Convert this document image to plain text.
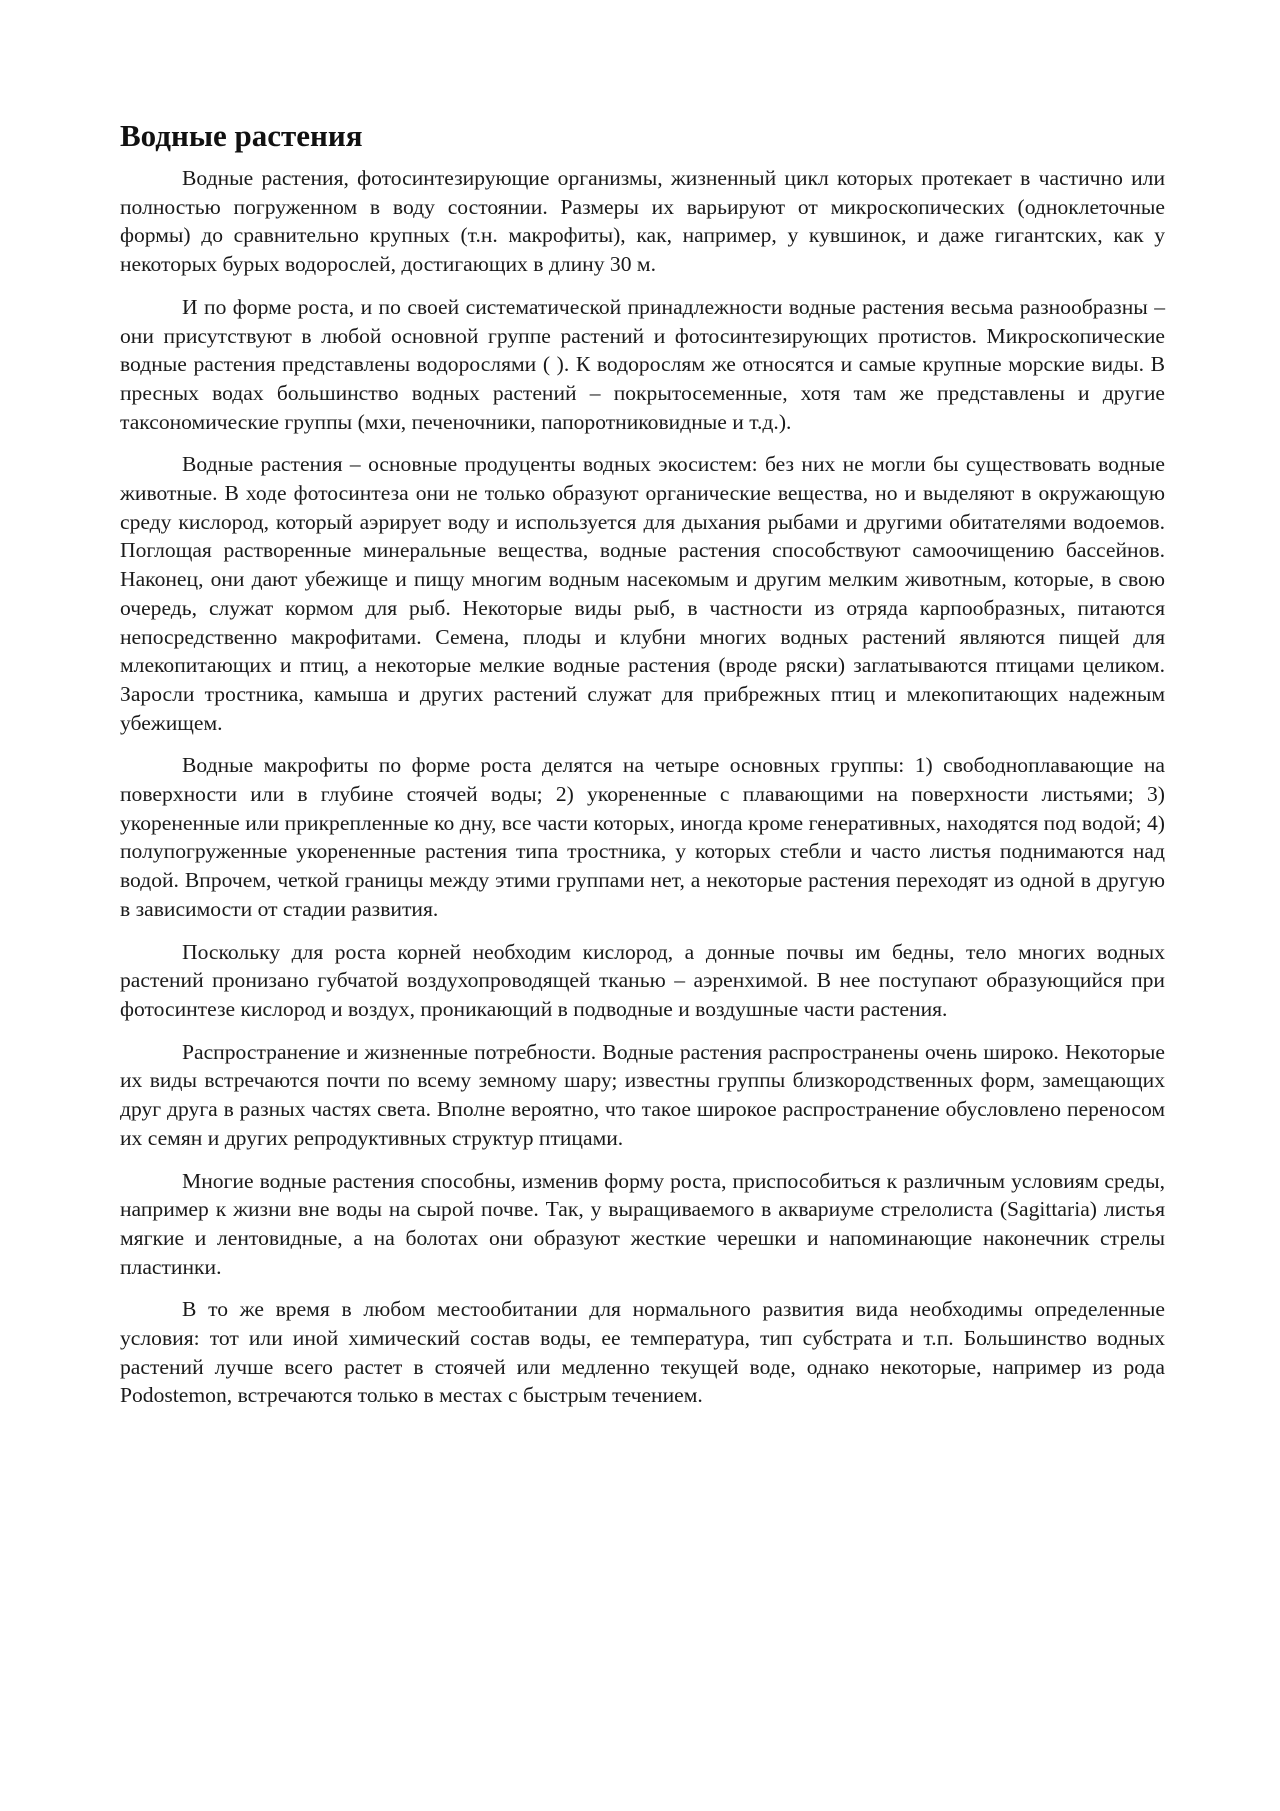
Водные растения

Водные растения, фотосинтезирующие организмы, жизненный цикл которых протекает в частично или полностью погруженном в воду состоянии. Размеры их варьируют от микроскопических (одноклеточные формы) до сравнительно крупных (т.н. макрофиты), как, например, у кувшинок, и даже гигантских, как у некоторых бурых водорослей, достигающих в длину 30 м.

И по форме роста, и по своей систематической принадлежности водные растения весьма разнообразны – они присутствуют в любой основной группе растений и фотосинтезирующих протистов. Микроскопические водные растения представлены водорослями ( ). К водорослям же относятся и самые крупные морские виды. В пресных водах большинство водных растений – покрытосеменные, хотя там же представлены и другие таксономические группы (мхи, печеночники, папоротниковидные и т.д.).

Водные растения – основные продуценты водных экосистем: без них не могли бы существовать водные животные. В ходе фотосинтеза они не только образуют органические вещества, но и выделяют в окружающую среду кислород, который аэрирует воду и используется для дыхания рыбами и другими обитателями водоемов. Поглощая растворенные минеральные вещества, водные растения способствуют самоочищению бассейнов. Наконец, они дают убежище и пищу многим водным насекомым и другим мелким животным, которые, в свою очередь, служат кормом для рыб. Некоторые виды рыб, в частности из отряда карпообразных, питаются непосредственно макрофитами. Семена, плоды и клубни многих водных растений являются пищей для млекопитающих и птиц, а некоторые мелкие водные растения (вроде ряски) заглатываются птицами целиком. Заросли тростника, камыша и других растений служат для прибрежных птиц и млекопитающих надежным убежищем.

Водные макрофиты по форме роста делятся на четыре основных группы: 1) свободноплавающие на поверхности или в глубине стоячей воды; 2) укорененные с плавающими на поверхности листьями; 3) укорененные или прикрепленные ко дну, все части которых, иногда кроме генеративных, находятся под водой; 4) полупогруженные укорененные растения типа тростника, у которых стебли и часто листья поднимаются над водой. Впрочем, четкой границы между этими группами нет, а некоторые растения переходят из одной в другую в зависимости от стадии развития.

Поскольку для роста корней необходим кислород, а донные почвы им бедны, тело многих водных растений пронизано губчатой воздухопроводящей тканью – аэренхимой. В нее поступают образующийся при фотосинтезе кислород и воздух, проникающий в подводные и воздушные части растения.

Распространение и жизненные потребности. Водные растения распространены очень широко. Некоторые их виды встречаются почти по всему земному шару; известны группы близкородственных форм, замещающих друг друга в разных частях света. Вполне вероятно, что такое широкое распространение обусловлено переносом их семян и других репродуктивных структур птицами.

Многие водные растения способны, изменив форму роста, приспособиться к различным условиям среды, например к жизни вне воды на сырой почве. Так, у выращиваемого в аквариуме стрелолиста (Sagittaria) листья мягкие и лентовидные, а на болотах они образуют жесткие черешки и напоминающие наконечник стрелы пластинки.

В то же время в любом местообитании для нормального развития вида необходимы определенные условия: тот или иной химический состав воды, ее температура, тип субстрата и т.п. Большинство водных растений лучше всего растет в стоячей или медленно текущей воде, однако некоторые, например из рода Podostemon, встречаются только в местах с быстрым течением.
